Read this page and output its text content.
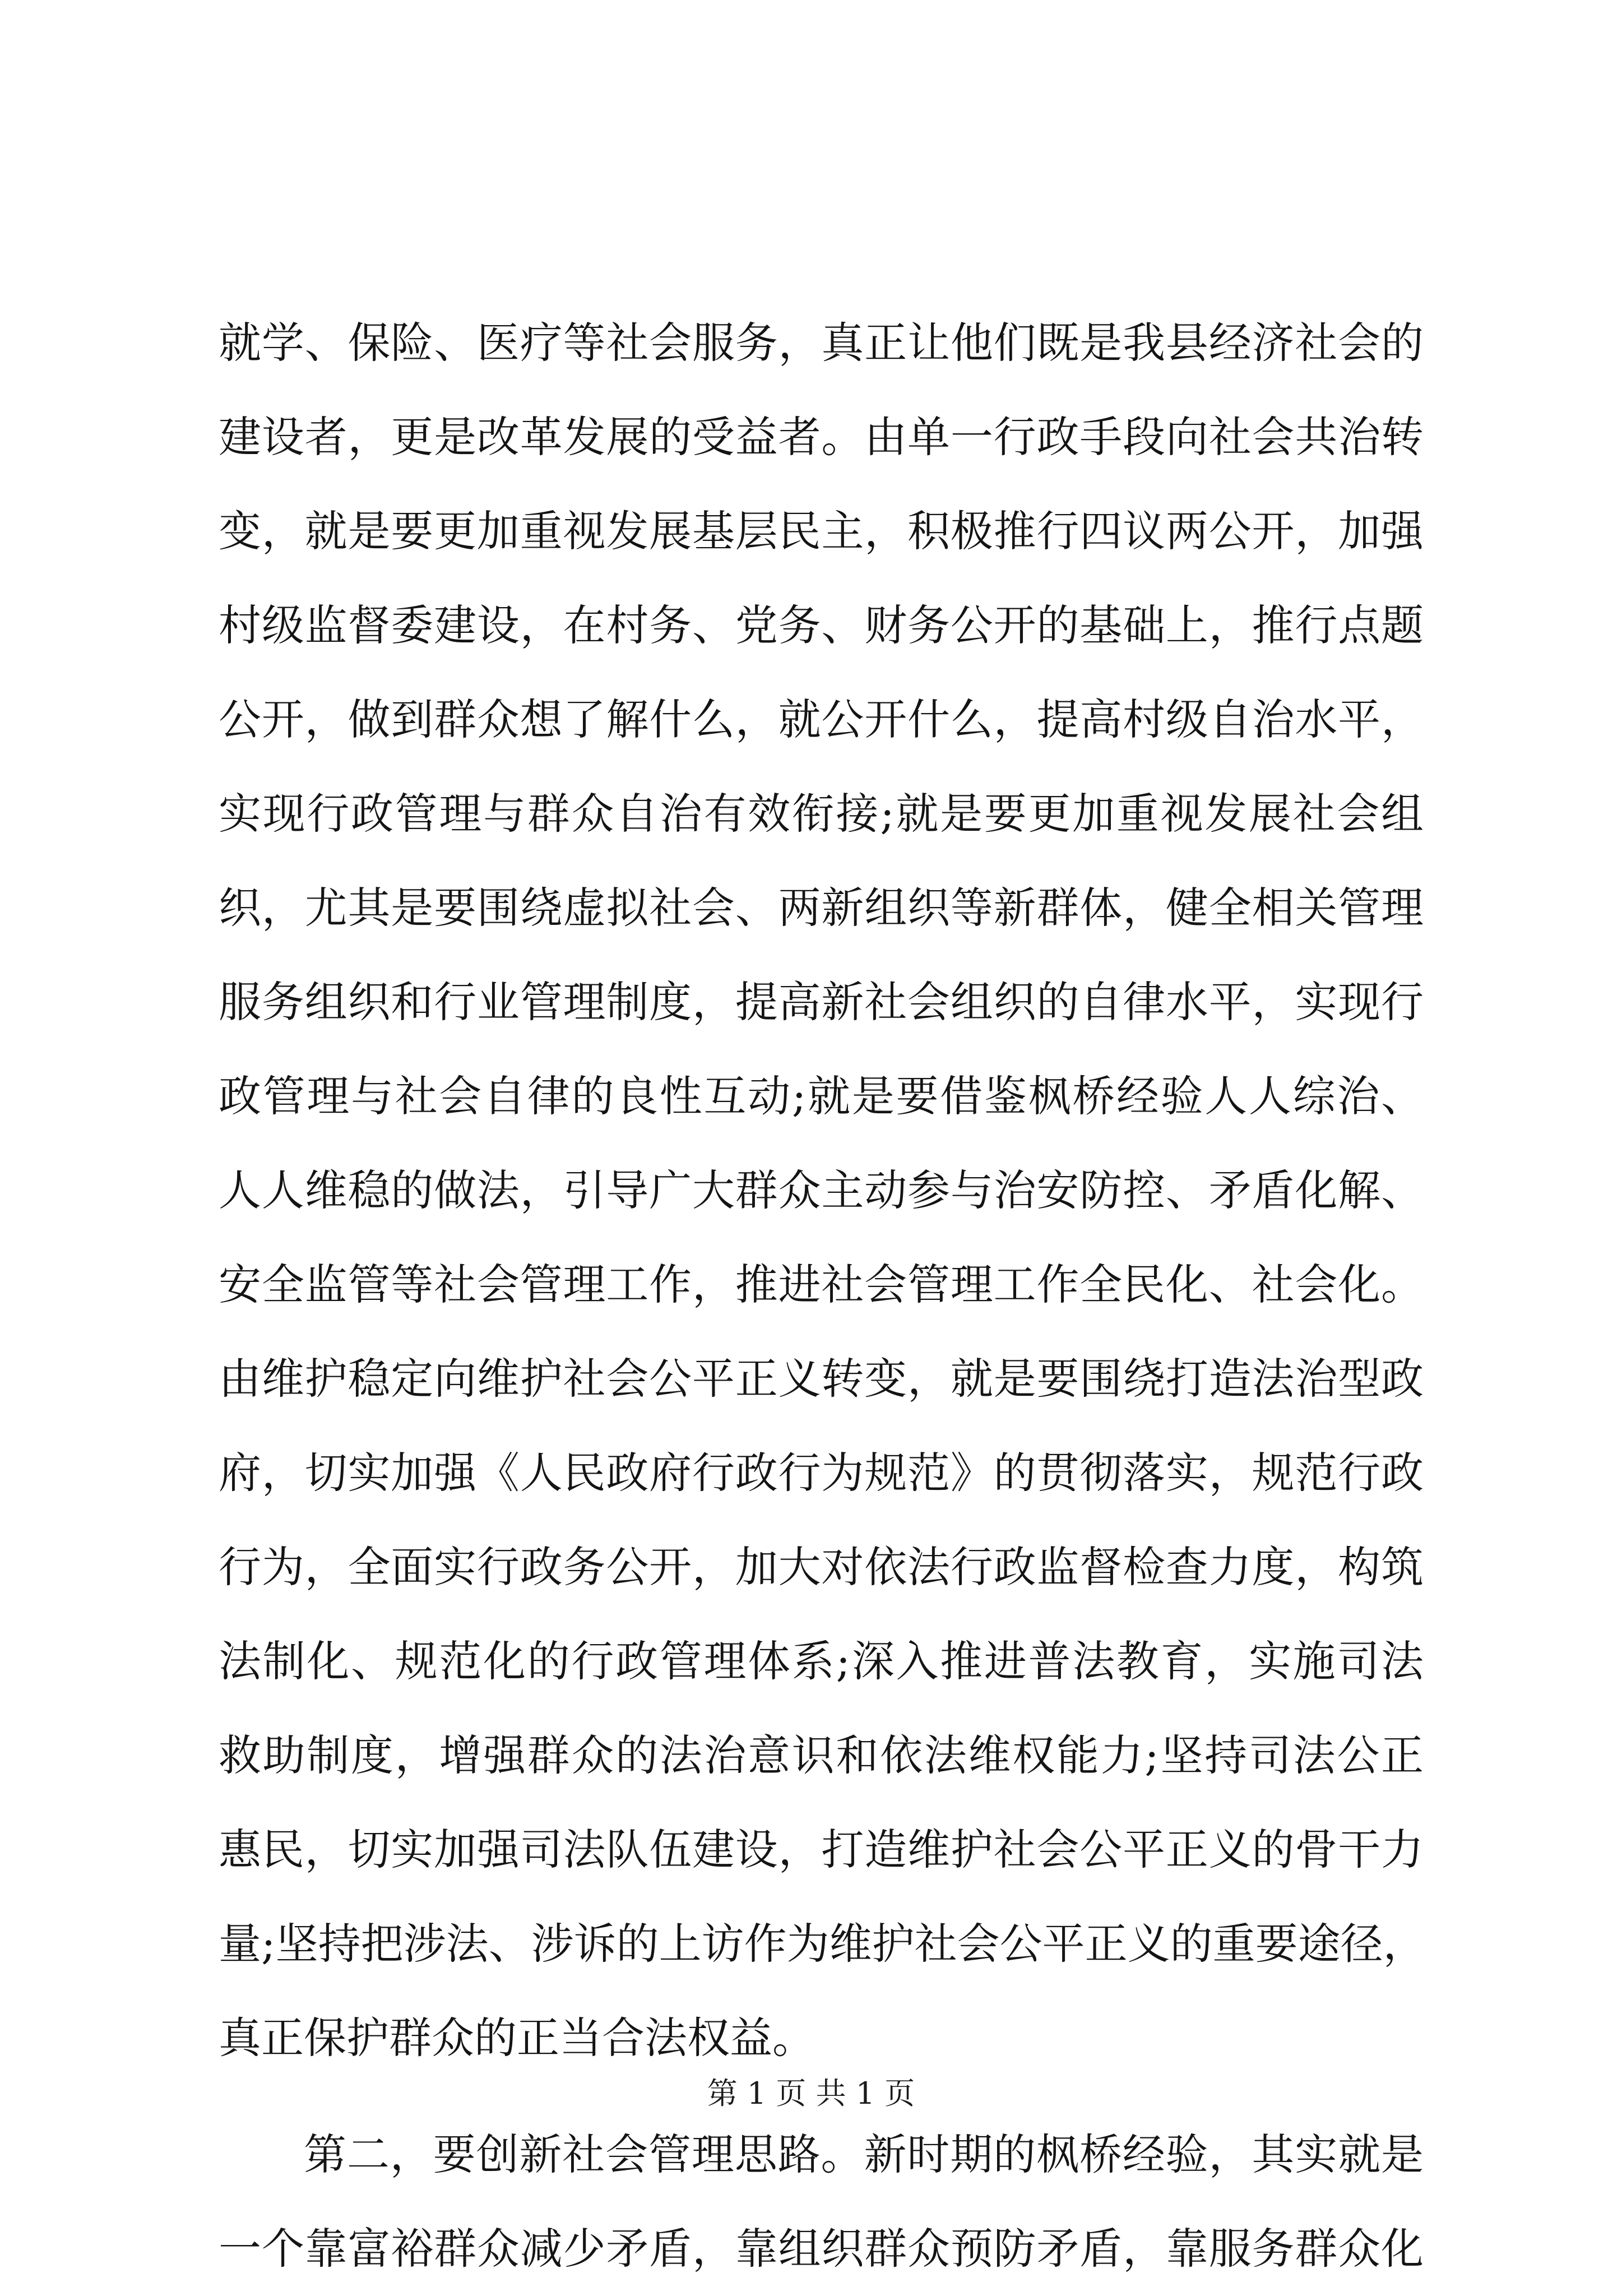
就学、保险、医疗等社会服务，真正让他们既是我县经济社会的
建设者，更是改革发展的受益者。由单一行政手段向社会共治转
变，就是要更加重视发展基层民主，积极推行四议两公开，加强
村级监督委建设，在村务、党务、财务公开的基础上，推行点题
公开，做到群众想了解什么，就公开什么，提高村级自治水平，
实现行政管理与群众自治有效衔接;就是要更加重视发展社会组
织，尤其是要围绕虚拟社会、两新组织等新群体，健全相关管理
服务组织和行业管理制度，提高新社会组织的自律水平，实现行
政管理与社会自律的良性互动;就是要借鉴枫桥经验人人综治、
人人维稳的做法，引导广大群众主动参与治安防控、矛盾化解、
安全监管等社会管理工作，推进社会管理工作全民化、社会化。
由维护稳定向维护社会公平正义转变，就是要围绕打造法治型政
府，切实加强《人民政府行政行为规范》的贯彻落实，规范行政
行为，全面实行政务公开，加大对依法行政监督检查力度，构筑
法制化、规范化的行政管理体系;深入推进普法教育，实施司法
救助制度，增强群众的法治意识和依法维权能力;坚持司法公正
惠民，切实加强司法队伍建设，打造维护社会公平正义的骨干力
量;坚持把涉法、涉诉的上访作为维护社会公平正义的重要途径，
真正保护群众的正当合法权益。
第二，要创新社会管理思路。新时期的枫桥经验，其实就是
一个靠富裕群众减少矛盾，靠组织群众预防矛盾，靠服务群众化
第 1 页 共 1 页
